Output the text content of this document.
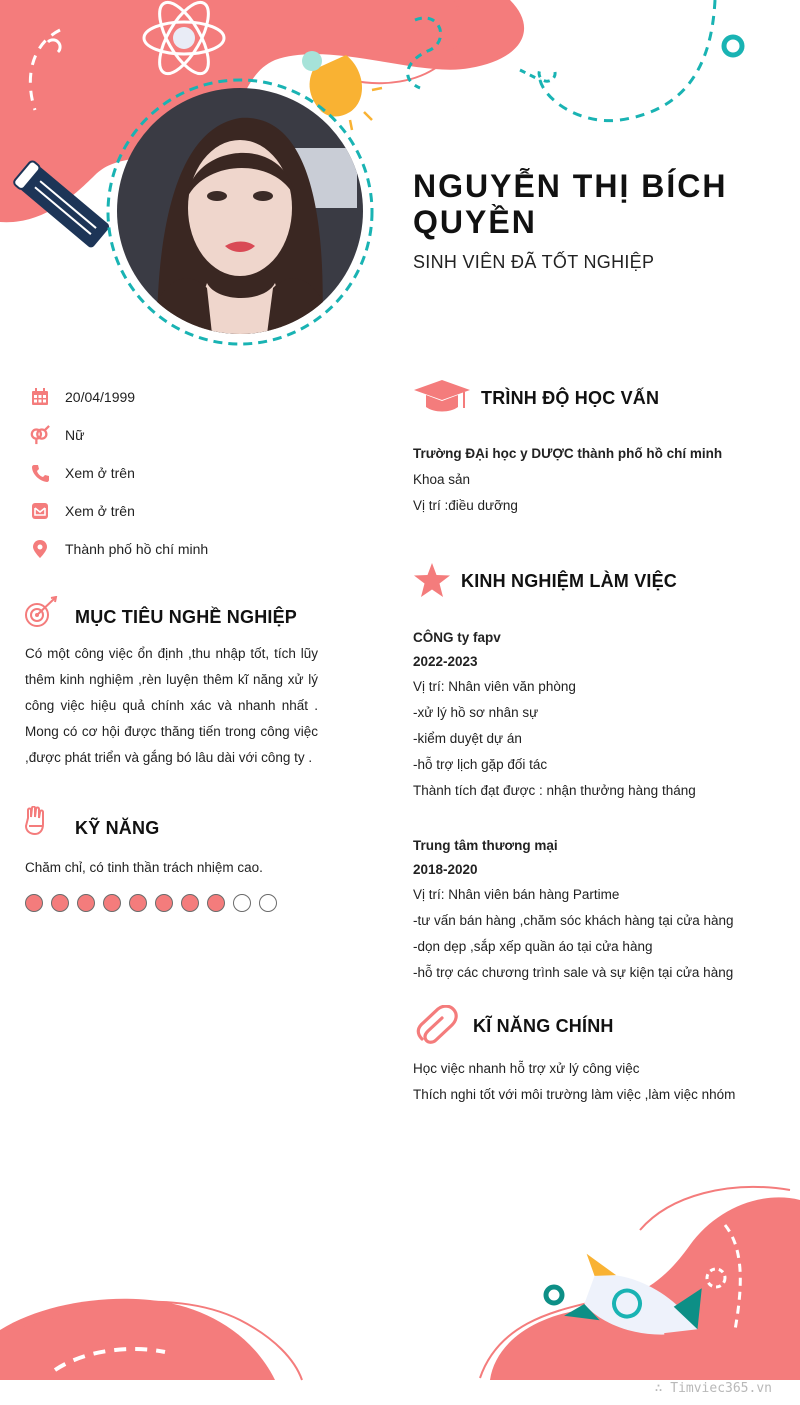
NGUYỄN THỊ BÍCH QUYỀN
SINH VIÊN ĐÃ TỐT NGHIỆP
20/04/1999
Nữ
Xem ở trên
Xem ở trên
Thành phố hồ chí minh
MỤC TIÊU NGHỀ NGHIỆP
Có một công việc ổn định ,thu nhập tốt, tích lũy thêm kinh nghiệm ,rèn luyện thêm kĩ năng xử lý công việc hiệu quả chính xác và nhanh nhất . Mong có cơ hội được thăng tiến trong công việc ,được phát triển và gắng bó lâu dài với công ty .
KỸ NĂNG
Chăm chỉ, có tinh thần trách nhiệm cao.
TRÌNH ĐỘ HỌC VẤN
Trường ĐẠi học y DƯỢC thành phố hồ chí minh
Khoa sản
Vị trí :điều dưỡng
KINH NGHIỆM LÀM VIỆC
CÔNG ty fapv
2022-2023
Vị trí: Nhân viên văn phòng
-xử lý hồ sơ nhân sự
-kiểm duyệt dự án
-hỗ trợ lịch gặp đối tác
Thành tích đạt được : nhận thưởng hàng tháng
Trung tâm thương mại
2018-2020
Vị trí: Nhân viên bán hàng Partime
-tư vấn bán hàng ,chăm sóc khách hàng tại cửa hàng
-dọn dẹp ,sắp xếp quần áo tại cửa hàng
-hỗ trợ các chương trình sale và sự kiện tại cửa hàng
KĨ NĂNG CHÍNH
Học việc nhanh hỗ trợ xử lý công việc
Thích nghi tốt với môi trường làm việc ,làm việc nhóm
∴ Timviec365.vn
